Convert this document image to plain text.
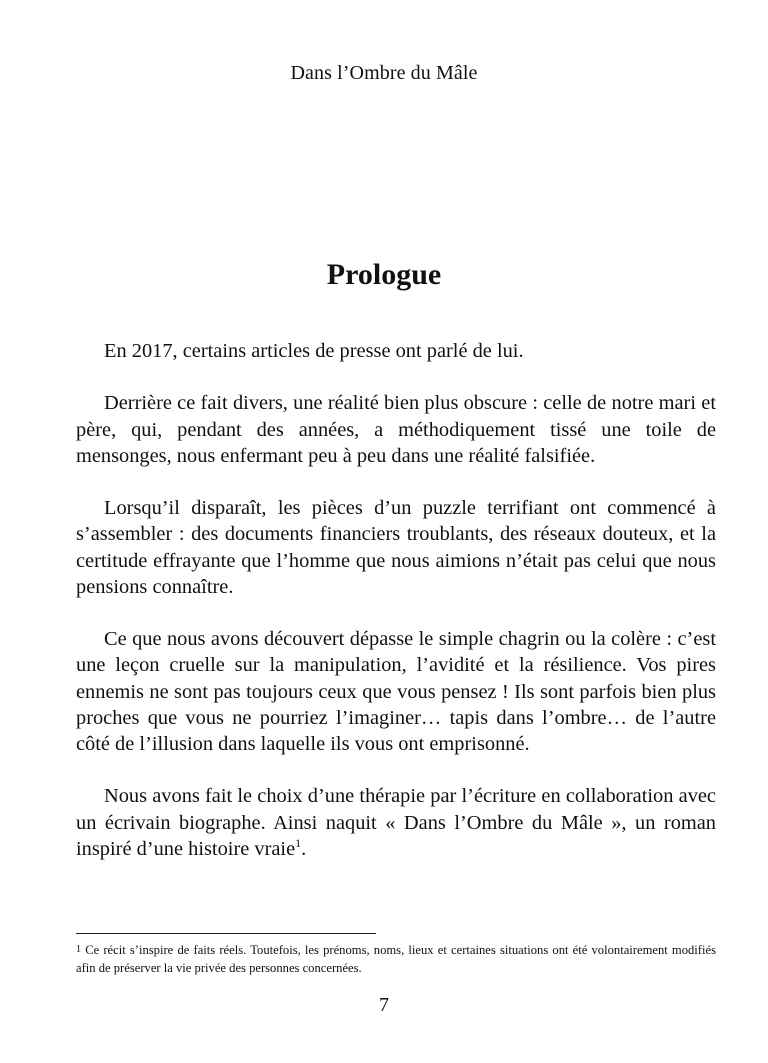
Dans l’Ombre du Mâle
Prologue

En 2017, certains articles de presse ont parlé de lui.

Derrière ce fait divers, une réalité bien plus obscure : celle de notre mari et père, qui, pendant des années, a méthodiquement tissé une toile de mensonges, nous enfermant peu à peu dans une réalité falsifiée.

Lorsqu’il disparaît, les pièces d’un puzzle terrifiant ont commencé à s’assembler : des documents financiers troublants, des réseaux douteux, et la certitude effrayante que l’homme que nous aimions n’était pas celui que nous pensions connaître.

Ce que nous avons découvert dépasse le simple chagrin ou la colère : c’est une leçon cruelle sur la manipulation, l’avidité et la résilience. Vos pires ennemis ne sont pas toujours ceux que vous pensez ! Ils sont parfois bien plus proches que vous ne pourriez l’imaginer… tapis dans l’ombre… de l’autre côté de l’illusion dans laquelle ils vous ont emprisonné.

Nous avons fait le choix d’une thérapie par l’écriture en collaboration avec un écrivain biographe. Ainsi naquit « Dans l’Ombre du Mâle », un roman inspiré d’une histoire vraie$^1$.

$^1$ Ce récit s’inspire de faits réels. Toutefois, les prénoms, noms, lieux et certaines situations ont été volontairement modifiés afin de préserver la vie privée des personnes concernées.

7
